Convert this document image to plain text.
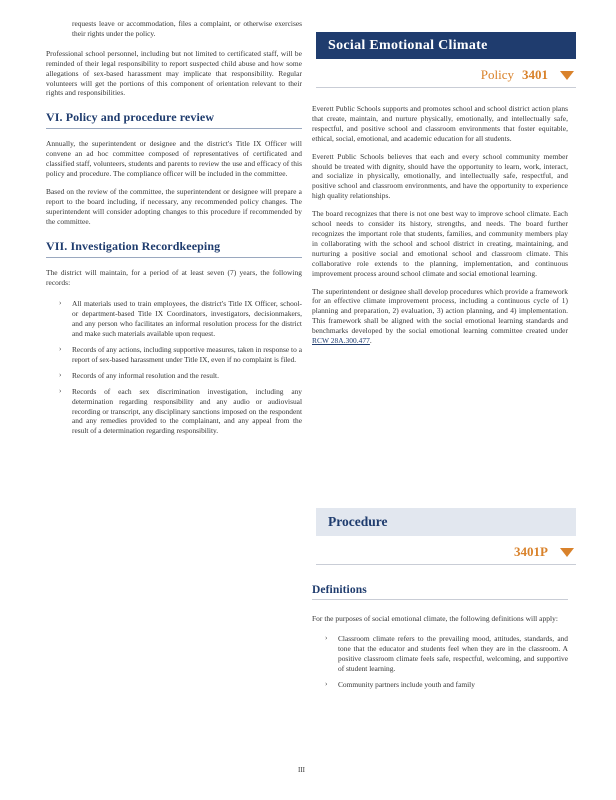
requests leave or accommodation, files a complaint, or otherwise exercises their rights under the policy.

Professional school personnel, including but not limited to certificated staff, will be reminded of their legal responsibility to report suspected child abuse and how some allegations of sex-based harassment may implicate that responsibility. Regular volunteers will get the portions of this component of orientation relevant to their rights and responsibilities.

VI. Policy and procedure review

Annually, the superintendent or designee and the district's Title IX Officer will convene an ad hoc committee composed of representatives of certificated and classified staff, volunteers, students and parents to review the use and efficacy of this policy and procedure. The compliance officer will be included in the committee.

Based on the review of the committee, the superintendent or designee will prepare a report to the board including, if necessary, any recommended policy changes. The superintendent will consider adopting changes to this procedure if recommended by the committee.

VII. Investigation Recordkeeping

The district will maintain, for a period of at least seven (7) years, the following records:

› All materials used to train employees, the district's Title IX Officer, school- or department-based Title IX Coordinators, investigators, decisionmakers, and any person who facilitates an informal resolution process for the district and make such materials available upon request.
› Records of any actions, including supportive measures, taken in response to a report of sex-based harassment under Title IX, even if no complaint is filed.
› Records of any informal resolution and the result.
› Records of each sex discrimination investigation, including any determination regarding responsibility and any audio or audiovisual recording or transcript, any disciplinary sanctions imposed on the respondent and any remedies provided to the complainant, and any appeal from the result of a determination regarding responsibility.
Social Emotional Climate
Policy 3401

Everett Public Schools supports and promotes school and school district action plans that create, maintain, and nurture physically, emotionally, and intellectually safe, respectful, and positive school and classroom environments that foster equitable, ethical, social, emotional, and academic education for all students.

Everett Public Schools believes that each and every school community member should be treated with dignity, should have the opportunity to learn, work, interact, and socialize in physically, emotionally, and intellectually safe, respectful, and positive school and classroom environments, and have the opportunity to experience high quality relationships.

The board recognizes that there is not one best way to improve school climate. Each school needs to consider its history, strengths, and needs. The board further recognizes the important role that students, families, and community members play in collaborating with the school and school district in creating, maintaining, and nurturing a positive social and emotional school and classroom climate. This collaborative role extends to the planning, implementation, and continuous improvement process around school climate and social emotional learning.

The superintendent or designee shall develop procedures which provide a framework for an effective climate improvement process, including a continuous cycle of 1) planning and preparation, 2) evaluation, 3) action planning, and 4) implementation. This framework shall be aligned with the social emotional learning standards and benchmarks developed by the social emotional learning committee created under RCW 28A.300.477.

Procedure
3401P
Definitions

For the purposes of social emotional climate, the following definitions will apply:

› Classroom climate refers to the prevailing mood, attitudes, standards, and tone that the educator and students feel when they are in the classroom. A positive classroom climate feels safe, respectful, welcoming, and supportive of student learning.
› Community partners include youth and family
III
